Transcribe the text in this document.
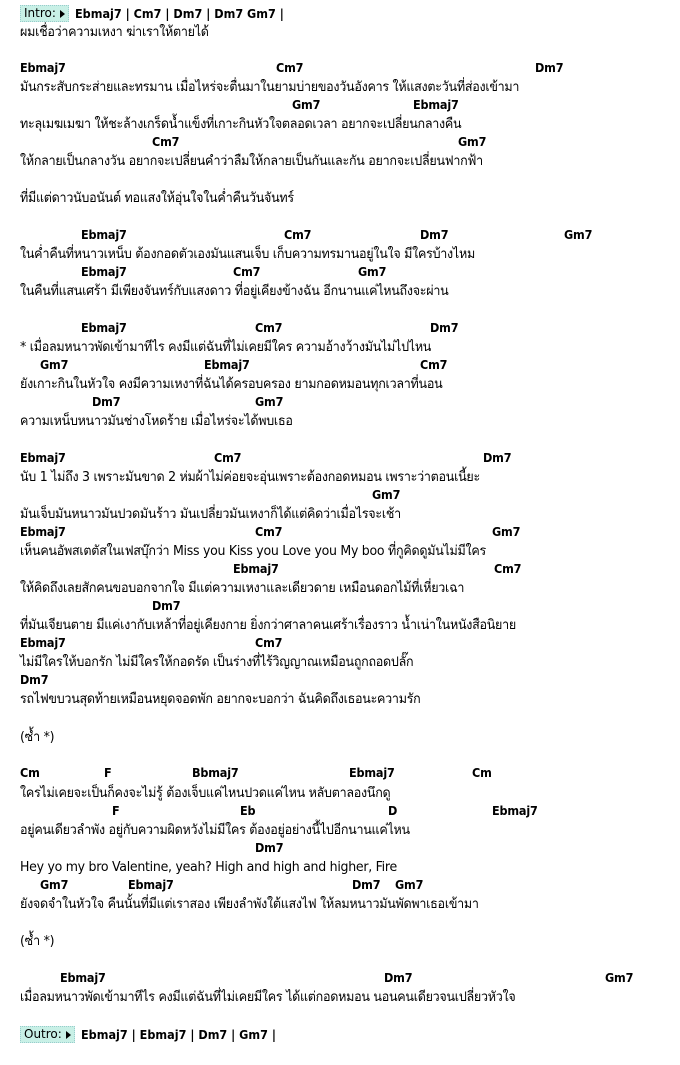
Intro: Ebmaj7 | Cm7 | Dm7 | Dm7 Gm7 |
ผมเชื่อว่าความเหงา ฆ่าเราให้ตายได้
Ebmaj7	Cm7	Dm7
มันกระสับกระส่ายและทรมาน เมื่อไหร่จะตื่นมาในยามบ่ายของวันอังคาร ให้แสงตะวันที่ส่องเข้ามา
Gm7	Ebmaj7
ทะลุเมฆเมฆา ให้ชะล้างเกร็ดน้ำแข็งที่เกาะกินหัวใจตลอดเวลา อยากจะเปลี่ยนกลางคืน
Cm7	Gm7
ให้กลายเป็นกลางวัน อยากจะเปลี่ยนคำว่าลืมให้กลายเป็นกันและกัน อยากจะเปลี่ยนฟากฟ้า
ที่มีแต่ดาวนับอนันต์ ทอแสงให้อุ่นใจในค่ำคืนวันจันทร์
Ebmaj7	Cm7	Dm7	Gm7
ในค่ำคืนที่หนาวเหน็บ ต้องกอดตัวเองมันแสนเจ็บ เก็บความทรมานอยู่ในใจ มีใครบ้างไหม
Ebmaj7	Cm7	Gm7
ในคืนที่แสนเศร้า มีเพียงจันทร์กับแสงดาว ที่อยู่เคียงข้างฉัน อีกนานแค่ไหนถึงจะผ่าน
Ebmaj7	Cm7	Dm7
* เมื่อลมหนาวพัดเข้ามาทีไร คงมีแต่ฉันที่ไม่เคยมีใคร ความอ้างว้างมันไม่ไปไหน
Gm7	Ebmaj7	Cm7
ยังเกาะกินในหัวใจ คงมีความเหงาที่ฉันได้ครอบครอง ยามกอดหมอนทุกเวลาที่นอน
Dm7	Gm7
ความเหน็บหนาวมันช่างโหดร้าย เมื่อไหร่จะได้พบเธอ
Ebmaj7	Cm7	Dm7
นับ 1 ไม่ถึง 3 เพราะมันขาด 2 ห่มผ้าไม่ค่อยจะอุ่นเพราะต้องกอดหมอน เพราะว่าตอนเนี้ยะ
Gm7
มันเจ็บมันหนาวมันปวดมันร้าว มันเปลี่ยวมันเหงาก็ได้แต่คิดว่าเมื่อไรจะเช้า
Ebmaj7	Cm7	Gm7
เห็นคนอัพสเตตัสในเฟสบุ๊กว่า Miss you Kiss you Love you My boo ที่กูคิดดูมันไม่มีใคร
Ebmaj7	Cm7
ให้คิดถึงเลยสักคนขอบอกจากใจ มีแต่ความเหงาและเดียวดาย เหมือนดอกไม้ที่เหี่ยวเฉา
Dm7
ที่มันเจียนตาย มีแค่เงากับเหล้าที่อยู่เคียงกาย ยิ่งกว่าศาลาคนเศร้าเรื่องราว น้ำเน่าในหนังสือนิยาย
Ebmaj7	Cm7
ไม่มีใครให้บอกรัก ไม่มีใครให้กอดรัด เป็นร่างที่ไร้วิญญาณเหมือนถูกถอดปลั๊ก
Dm7
รถไฟขบวนสุดท้ายเหมือนหยุดจอดพัก อยากจะบอกว่า ฉันคิดถึงเธอนะความรัก
(ซ้ำ *)
Cm	F	Bbmaj7	Ebmaj7	Cm
ใครไม่เคยจะเป็นก็คงจะไม่รู้ ต้องเจ็บแค่ไหนปวดแค่ไหน หลับตาลองนึกดู
F	Eb	D	Ebmaj7
อยู่คนเดียวลำพัง อยู่กับความผิดหวังไม่มีใคร ต้องอยู่อย่างนี้ไปอีกนานแค่ไหน
Dm7
Hey yo my bro Valentine, yeah? High and high and higher, Fire
Gm7	Ebmaj7	Dm7 Gm7
ยังจดจำในหัวใจ คืนนั้นที่มีแต่เราสอง เพียงลำพังใต้แสงไฟ ให้ลมหนาวมันพัดพาเธอเข้ามา
(ซ้ำ *)
Ebmaj7	Dm7	Gm7
เมื่อลมหนาวพัดเข้ามาทีไร คงมีแต่ฉันที่ไม่เคยมีใคร ได้แต่กอดหมอน นอนคนเดียวจนเปลี่ยวหัวใจ
Outro: Ebmaj7 | Ebmaj7 | Dm7 | Gm7 |
